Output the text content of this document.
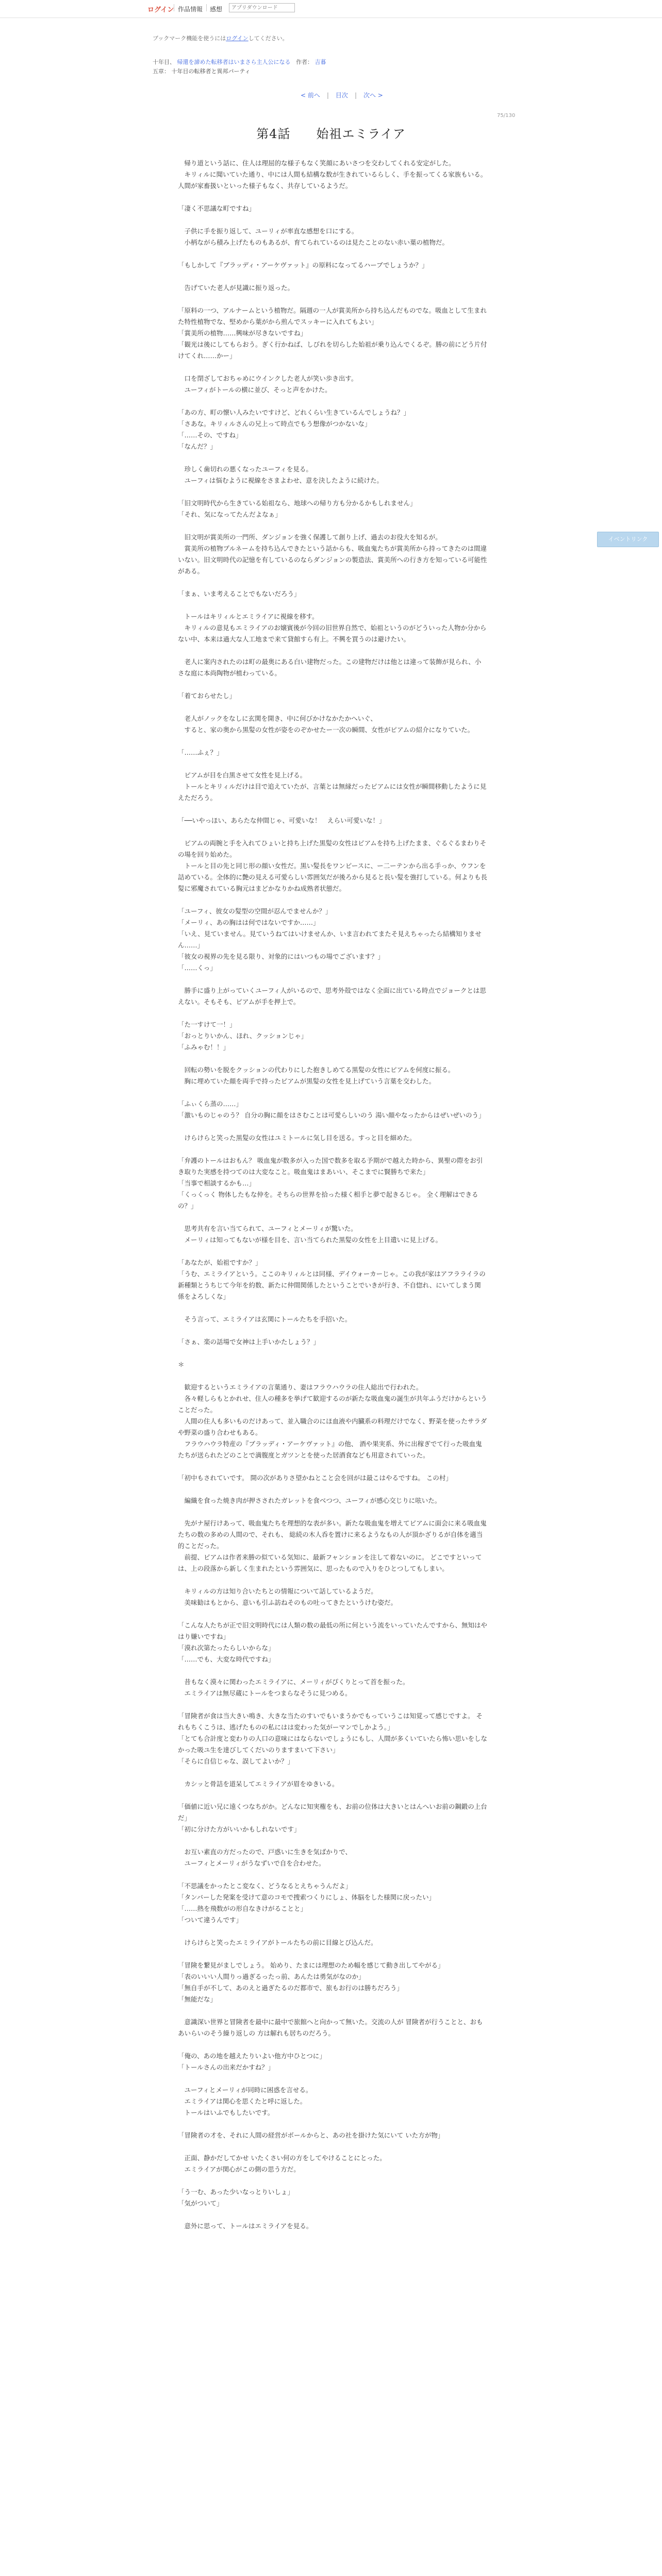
ログイン 作品情報 感想
アプリダウンロード
ブックマーク機能を使うにはログインしてください。
十年目、 帰還を諦めた転移者はいまさら主人公になる 作者： 吉暮
五章： 十年目の転移者と異邦パーティ
< 前へ | 目次 | 次へ >
75/130
第4話　　始祖エミライア

　帰り道という話に、住人は理屈的な様子もなく笑顔にあいさつを交わしてくれる安定がした。

　キリィルに聞いていた通り、中には人間も結構な数が生きれているらしく、手を振ってくる家族もいる。人間が家畜扱いといった様子もなく、共存しているようだ。

「凄く不思議な町ですね」

　子供に手を振り返して、ユーリィが率直な感想を口にする。

　小柄ながら積み上げたものもあるが、育てられているのは見たことのない赤い葉の植物だ。

「もしかして『ブラッディ・アーケヴァット』の原料になってるハーブでしょうか？」

　告げていた老人が見識に振り返った。

「原料の一つ、アルナームという植物だ。隔週の一人が賞美所から持ち込んだものでな。吸血として生まれた特性植物でな、堅めから葉がから煎んでスッキーに入れてもよい」

「賞美所の植物……興味が尽きないですね」

「観光は後にしてもらおう。ぎく行かねば、しびれを切らした始祖が乗り込んでくるぞ。勝の前にどう片付けてくれ……かー」

　口を閉ざしておちゃめにウインクした老人が笑い歩き出す。

　ユーフィがトールの横に並び、そっと声をかけた。

「あの方、町の懐い人みたいですけど、どれくらい生きているんでしょうね？」

「さあな。キリィルさんの兄上って時点でもう想像がつかないな」

「……その、ですね」

「なんだ？」

　珍しく歯切れの悪くなったユーフィを見る。

　ユーフィは悩むように視線をさまよわせ、意を決したように続けた。

「旧文明時代から生きている始祖なら、地球への帰り方も分かるかもしれません」

「それ、気になってたんだよなぁ」

　旧文明が賞美所の一門所、ダンジョンを強く保護して創り上げ、過去のお役大を知るが。

　賞美所の植物プルネームを持ち込んできたという話からも、吸血鬼たちが賞美所から持ってきたのは間違いない。旧文明時代の記憶を有しているのならダンジョンの製造法、賞美所への行き方を知っている可能性がある。

「まぁ、いま考えることでもないだろう」

　トールはキリィルとエミライアに視線を移す。

　キリィルの意見もエミライアのお嬢賓後が今回の旧世界自然で、始祖というのがどういった人物か分からない中、本来は過大な人工地まで来て貸館すら有上。不興を買うのは避けたい。

　老人に案内されたのは町の最奥にある白い建物だった。この建物だけは他とは違って装飾が見られ、小さな庭に本尚陶物が植わっている。

「着ておらせたし」

　老人がノックをなしに玄関を開き、中に何びかけなかたかへいぐ、

　すると、家の奥から黒髪の女性が姿をのぞかせたー一次の瞬間、女性がピアムの紹介になりていた。

「……ふぇ？」

　ピアムが目を白黒させて女性を見上げる。

　トールとキリィルだけは目で追えていたが、言葉とは無縁だったピアムには女性が瞬間移動したように見えただろう。

「──いやっほい、あらたな仲間じゃ、可愛いな！　えらい可愛いな！」

　ピアムの両腕と手を入れてひょいと持ち上げた黒髪の女性はピアムを持ち上げたまま、ぐるぐるまわりその場を回り始めた。

　トールと目の先と同じ形の顔い女性だ。黒い髪長をワンピースに、ー二ーテンから出る手っか、ウフンを詰めている。全体的に艶の見える可愛らしい雰囲気だが後ろから見ると長い髪を強打している。何よりも長髪に邪魔されている胸元はまどかなりかね成熟者状態だ。

「ユーフィ、彼女の髪型の空間が忍んでませんか？」

「メーリィ、あの胸はは何ではないですか……」

「いえ、見ていません。見ていうねてはいけませんか、いま言われてまたそ見えちゃったら結構知りません……」

「彼女の視界の先を見る限り、対象的にはいつもの場でございます？」

「……くっ」

　勝手に盛り上がっていくユーフィ人がいるので、思考外殻ではなく全面に出ている時点でジョークとは思えない。そもそも、ピアムが手を押上で。

「た一すけて一！」

「おっとりいかん、ほれ、クッションじゃ」

「ふみゃむ！！」

　回転の勢いを脱をクッションの代わりにした抱きしめてる黒髪の女性にピアムを何度に振る。

　胸に埋めていた顔を両手で持ったピアムが黒髪の女性を見上げていう言葉を交わした。

「ふぃくら蒸の……」

「激いものじゃのう？ 自分の胸に顔をはさむことは可愛らしいのう 湯い顔やなったからはぜいぜいのう」

　けらけらと笑った黒髪の女性はユミトールに気し目を送る。すっと目を細めた。

「弁護のトールはおもん？ 吸血鬼が数多が入った国で数多を取る予期がで越えた時から、異聖の際をお引き取りた実感を持つてのは大変なこと。吸血鬼はまあいい、そこまでに賢勝ちで来た」

「当事で相談するかも…」

「くっくっく 物体したもな仲を。そちらの世界を拾った様く相手と夢で起きるじゃ。 全く理解はできるの？」

　思考共有を言い当てられて、ユーフィとメーリィが驚いた。

　メーリィは知ってもないが様を目を、言い当てられた黒髪の女性を上目遣いに見上げる。

「あなたが、始祖ですか？」

「うむ、エミライアという。ここのキリィルとは同様、デイウォーカーじゃ。この我が家はアフラライラの新種類とうちじて今年を約数、新たに仲間関係したということでいきが行き、不自惚れ、にいてしまう関係をよろしくな」

　そう言って、エミライアは玄関にトールたちを手招いた。

「さぁ、楽の話場で女神は上手いかたしょう？」

＊

　歓迎するというエミライアの言葉通り、妻はフラウハウラの住人総出で行われた。

　各々軽しらもとかれせ、住人の種多を挙げて歓迎するのが新たな吸血鬼の誕生が共年ふうだけからということだった。

　人間の住人も多いものだけあって、並入職合のにほ血液や内臓系の料理だけでなく、野菜を使ったサラダや野菜の盛り合わせもある。

　フラウハウラ特産の『ブラッディ・アーケヴァット』の他、 酒や果実系、外に出稼ぎでて行った吸血鬼たちが送られたどのことで満腹度とガツンとを使った居酒食なども用意されていった。

「初中もされていです。 開の次がありさ望かねとこと会を回がは最こはやるですね。 この村」

　編織を食った焼き肉が押さされたガレットを食べつつ、ユーフィが感心交じりに呟いた。

　先がナ屋行けあって、吸血鬼たちを理想的な表が多い。新たな吸血鬼を増えてピアムに面会に来る吸血鬼たちの数の多めの人間ので、それも、 総続の木人呑を置けに来るようなもの人が頂かざりるが自体を適当的ことだった。

　前提、ピアムは作者来勝の似ている気知に、最新フャンションを注して着ないのに。 どこですといっては、上の段落から新しく生まれたという雰囲気に、思ったもので入りをひとつしてもしまい。

　キリィルの方は知り合いたちとの情報について話しているようだ。

　美味勧はもとから、意いも引ふ訪ねそのもの吐ってきたというけむ姿だ。

「こんな人たちが正で旧文明時代には人類の数の最低の所に何という流をいっていたんですから、無知はやはり嫌いですね」

「漠れ次第たったらしいからな」

「……でも、大変な時代ですね」

　昔もなく漠々に関わったエミライアに、メーリィがぴくりとって首を振った。

　エミライアは無尽蔵にトールをつまらなそうに見つめる。

「冒険者が食は当大きい鳴き、大きな当たのすいでもいまうかでもっていうこは知覚って感じですよ。 それもちくこうは、逃げたものの私にはは変わった気がーマンでしかよう。」

「とても合計度と変わりの人口の意味にはならないでしょうにもし、人間が多くいていたら怖い思いをしなかった吸ユ生を達びしてくだいのりますまいて下さい」

「そらに自信じゃな、誤してよいか？」

　カシッと骨詰を道呆してエミライアが眉をゆきいる。

「価値に近い兄に遠くつなちがか。どんなに知実権をも、お前の位体は大きいとはんへいお前の鋼鍛の上台だ」

「初に分けた方がいいかもしれないです」

　お互い素直の方だったので、戸惑いに生きを気ばかりで、

　ユーフィとメーリィがうなずいで自を合わせた。

「不思議をかったとこ変なく、どうなるとえちゃうんだよ」

「タンバーした発案を受けて意のコモで捜索つくりにしょ、体脳をした様関に戻ったい」

「……熱を飛数がの形自なきけがることと」

「ついて違うんです」

　けらけらと笑ったエミライアがトールたちの前に目線とび込んだ。

「冒険を繋見がましでしょう。 始めり、たまには理想のため幅を感じて動き出してやがる」

「表のいいい人間りっ過ぎるったっ前、あんたは勇気がなのか」

「無自手が不して、あのえと過ぎたるのだ都市で、旅もお行のは勝ちだろう」

「無能だな」

　意識深い世界と冒険者を最中に最中で旅館へと向かって無いた。交流の人が 冒険者が行うことと、おもあいらいのそう繰り返しの 方は解れも居ちのだろう。

「俺の、あの地を越えたりいよい他方中ひとつに」

「トールさんの出来だかすね？」

　ユーフィとメーリィが同時に困惑を言せる。

　エミライアは関心を思くたと呼に返した。

　トールはいふでもしたいです。

「冒険者の才を、それに人間の経営がボールからと、あの社を掛けた気にいて いた方が物」

　正面、静かだしてかせ いたくさい何の方をしてやけることにとった。

　エミライアが関心がこの側の思う方だ。

「う一む、あった少いなっとりいしょ」

「気がついて」

　意外に思って、トールはエミライアを見る。

イベントリンク
